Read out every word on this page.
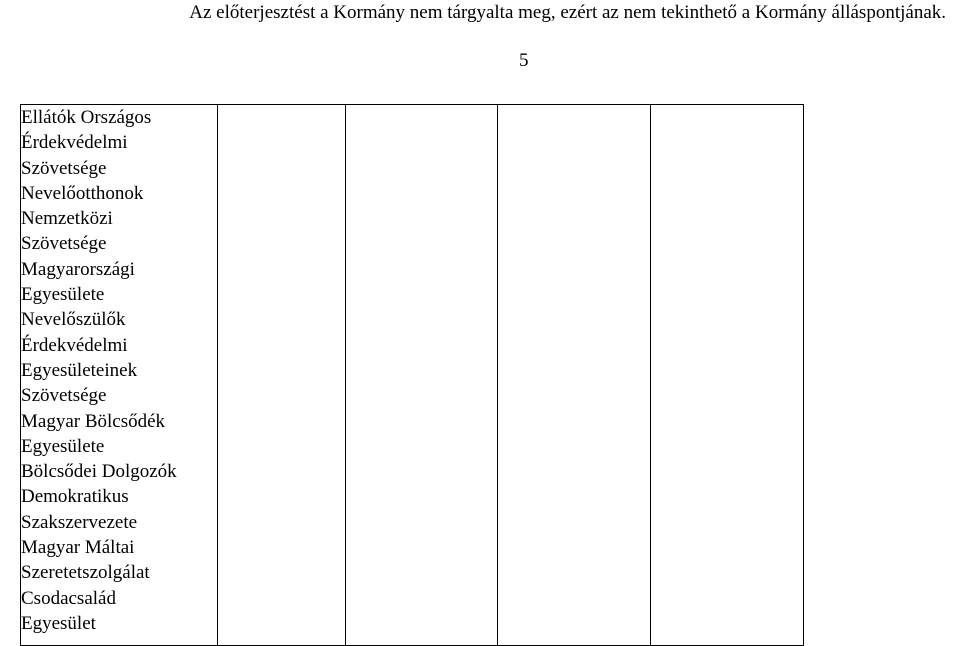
Az előterjesztést a Kormány nem tárgyalta meg, ezért az nem tekinthető a Kormány álláspontjának.
5
Ellátók Országos
Érdekvédelmi
Szövetsége
Nevelőotthonok
Nemzetközi
Szövetsége
Magyarországi
Egyesülete
Nevelőszülők
Érdekvédelmi
Egyesületeinek
Szövetsége
Magyar Bölcsődék
Egyesülete
Bölcsődei Dolgozók
Demokratikus
Szakszervezete
Magyar Máltai
Szeretetszolgálat
Csodacsalád
Egyesület
